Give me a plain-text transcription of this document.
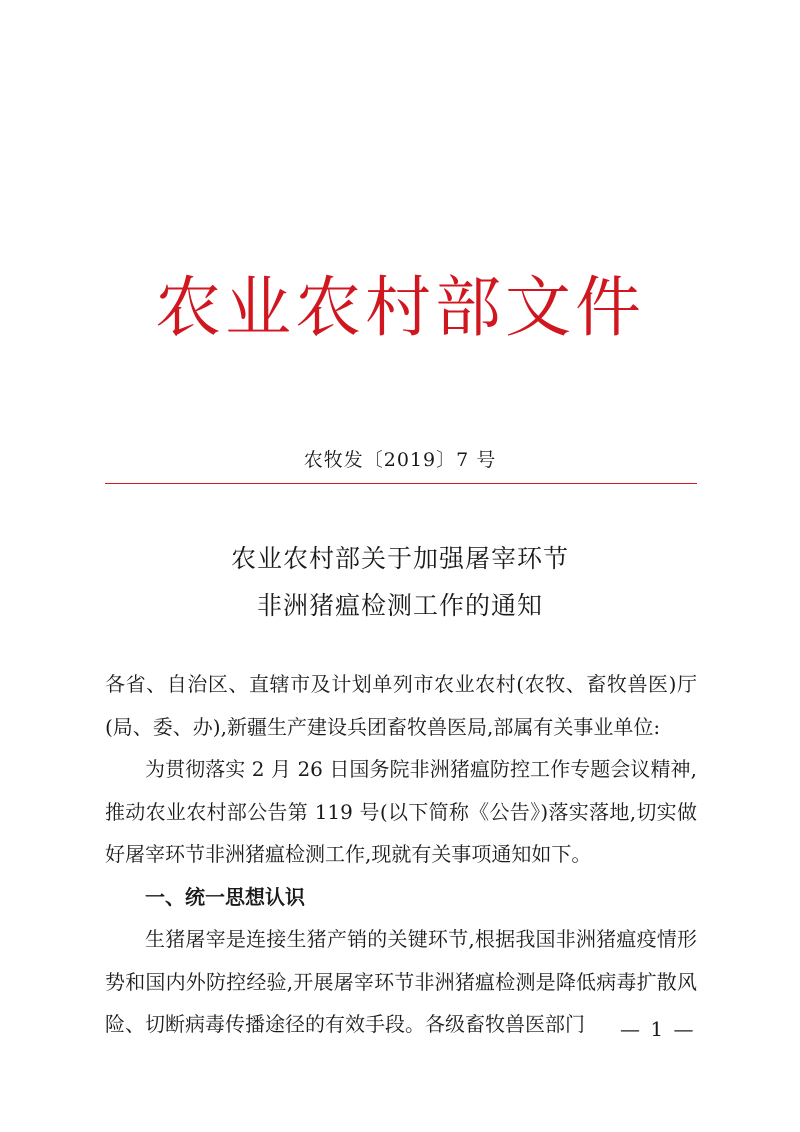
农业农村部文件
农牧发〔2019〕7 号
农业农村部关于加强屠宰环节
非洲猪瘟检测工作的通知

各省、自治区、直辖市及计划单列市农业农村(农牧、畜牧兽医)厅(局、委、办),新疆生产建设兵团畜牧兽医局,部属有关事业单位:

为贯彻落实 2 月 26 日国务院非洲猪瘟防控工作专题会议精神,推动农业农村部公告第 119 号(以下简称《公告》)落实落地,切实做好屠宰环节非洲猪瘟检测工作,现就有关事项通知如下。

一、统一思想认识

生猪屠宰是连接生猪产销的关键环节,根据我国非洲猪瘟疫情形势和国内外防控经验,开展屠宰环节非洲猪瘟检测是降低病毒扩散风险、切断病毒传播途径的有效手段。各级畜牧兽医部门	— 1 —
